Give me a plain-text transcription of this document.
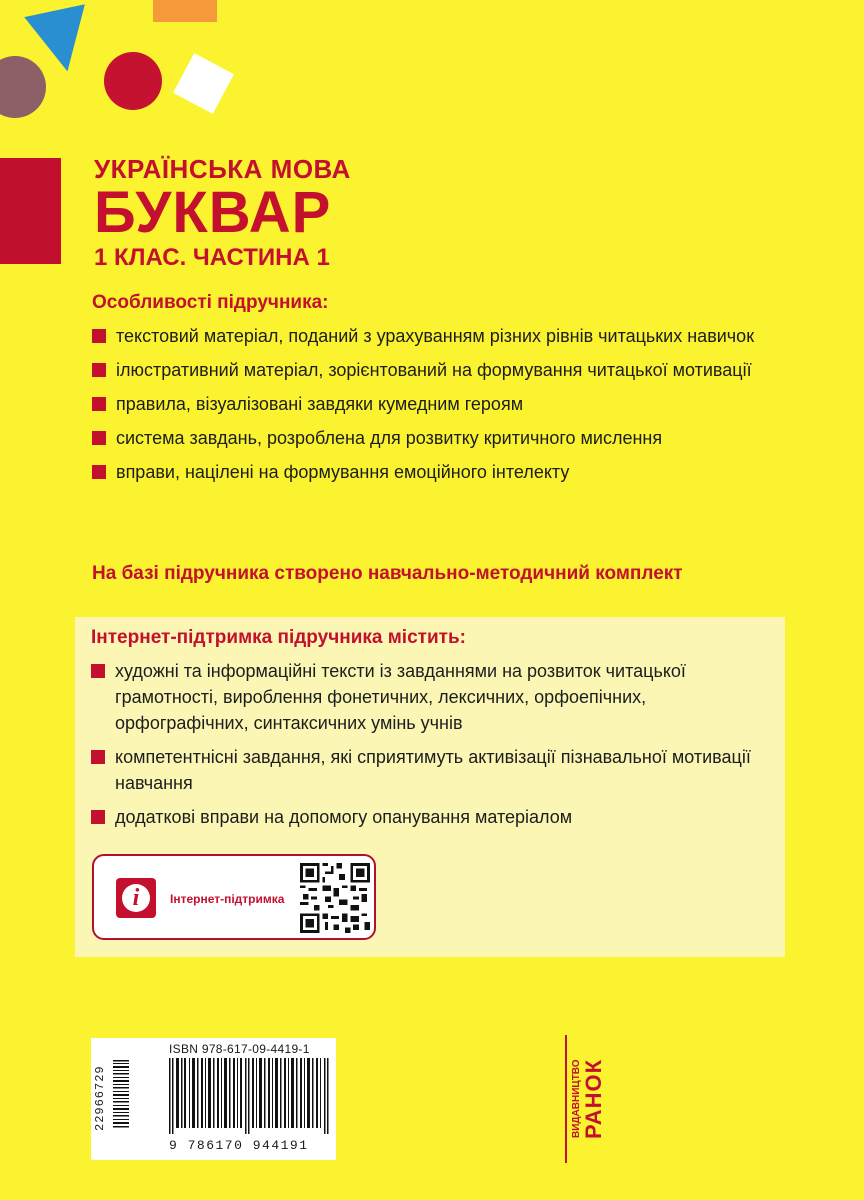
УКРАЇНСЬКА МОВА
БУКВАР
1 КЛАС. ЧАСТИНА 1
Особливості підручника:
текстовий матеріал, поданий з урахуванням різних рівнів читацьких навичок
ілюстративний матеріал, зорієнтований на формування читацької мотивації
правила, візуалізовані завдяки кумедним героям
система завдань, розроблена для розвитку критичного мислення
вправи, націлені на формування емоційного інтелекту
На базі підручника створено навчально-методичний комплект
Інтернет-підтримка підручника містить:
художні та інформаційні тексти із завданнями на розвиток читацької грамотності, вироблення фонетичних, лексичних, орфоепічних, орфографічних, синтаксичних умінь учнів
компетентнісні завдання, які сприятимуть активізації пізнавальної мотивації навчання
додаткові вправи на допомогу опанування матеріалом
i	Інтернет-підтримка
22966729
ISBN 978-617-09-4419-1
9 786170 944191
ВИДАВНИЦТВО РАНОК
